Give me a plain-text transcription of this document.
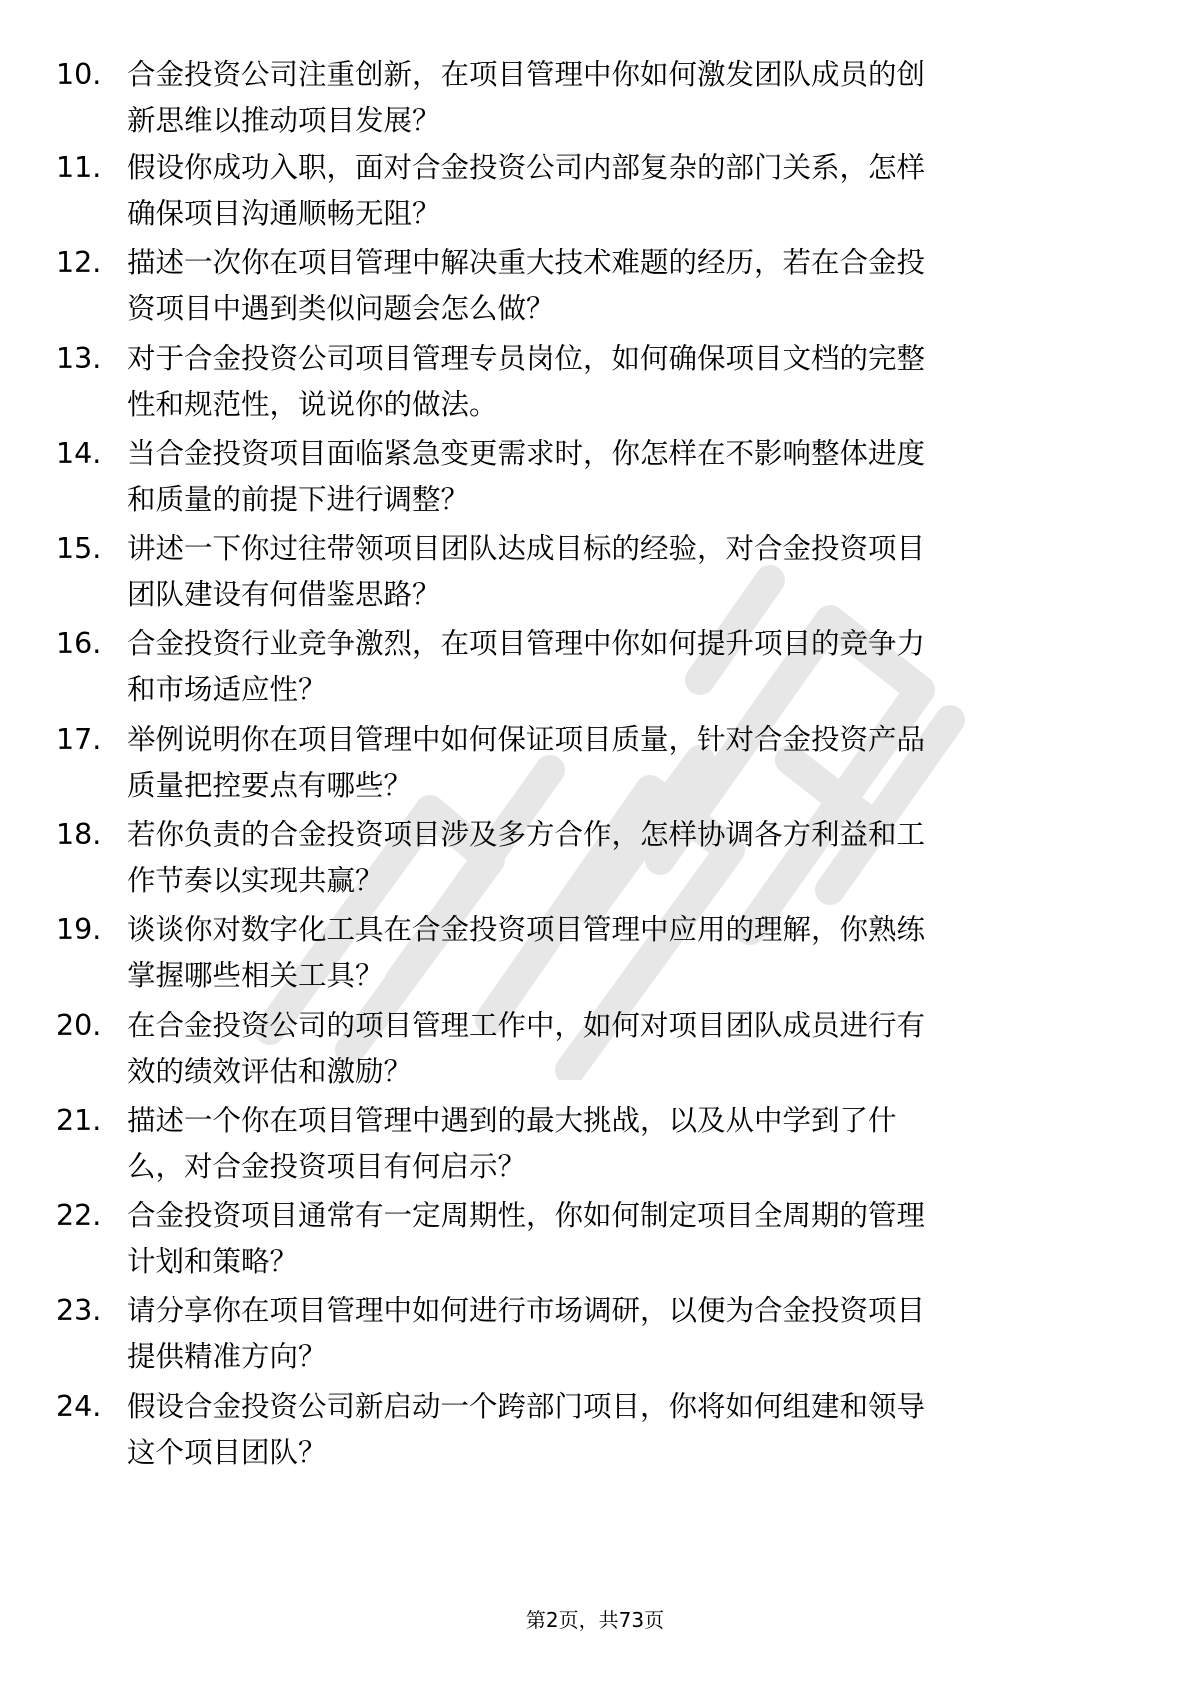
10. 合金投资公司注重创新，在项目管理中你如何激发团队成员的创
新思维以推动项目发展？
11. 假设你成功入职，面对合金投资公司内部复杂的部门关系，怎样
确保项目沟通顺畅无阻？
12. 描述一次你在项目管理中解决重大技术难题的经历，若在合金投
资项目中遇到类似问题会怎么做？
13. 对于合金投资公司项目管理专员岗位，如何确保项目文档的完整
性和规范性，说说你的做法。
14. 当合金投资项目面临紧急变更需求时，你怎样在不影响整体进度
和质量的前提下进行调整？
15. 讲述一下你过往带领项目团队达成目标的经验，对合金投资项目
团队建设有何借鉴思路？
16. 合金投资行业竞争激烈，在项目管理中你如何提升项目的竞争力
和市场适应性？
17. 举例说明你在项目管理中如何保证项目质量，针对合金投资产品
质量把控要点有哪些？
18. 若你负责的合金投资项目涉及多方合作，怎样协调各方利益和工
作节奏以实现共赢？
19. 谈谈你对数字化工具在合金投资项目管理中应用的理解，你熟练
掌握哪些相关工具？
20. 在合金投资公司的项目管理工作中，如何对项目团队成员进行有
效的绩效评估和激励？
21. 描述一个你在项目管理中遇到的最大挑战，以及从中学到了什
么，对合金投资项目有何启示？
22. 合金投资项目通常有一定周期性，你如何制定项目全周期的管理
计划和策略？
23. 请分享你在项目管理中如何进行市场调研，以便为合金投资项目
提供精准方向？
24. 假设合金投资公司新启动一个跨部门项目，你将如何组建和领导
这个项目团队？
第2页，共73页
